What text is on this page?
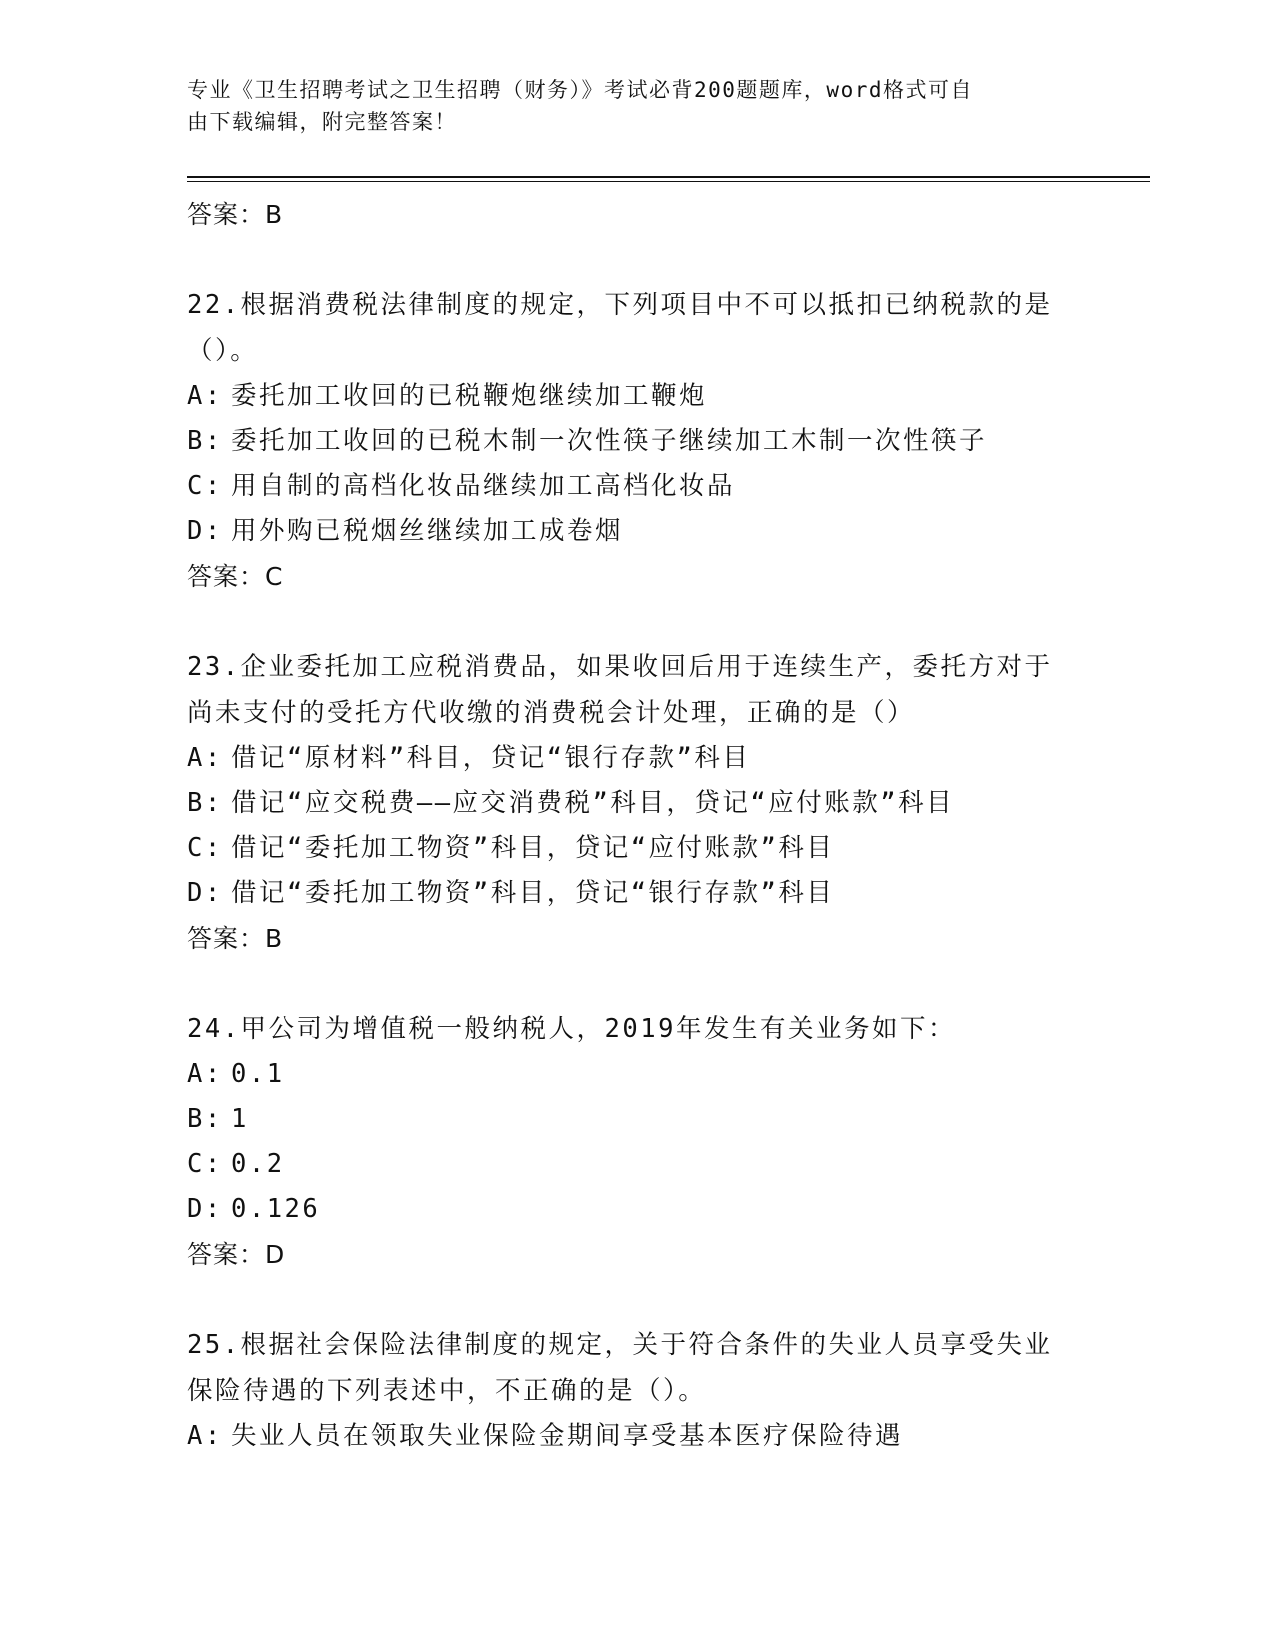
专业《卫生招聘考试之卫生招聘（财务）》考试必背200题题库，word格式可自
由下载编辑，附完整答案！
答案：B
22.根据消费税法律制度的规定，下列项目中不可以抵扣已纳税款的是
（）。
A: 委托加工收回的已税鞭炮继续加工鞭炮
B: 委托加工收回的已税木制一次性筷子继续加工木制一次性筷子
C: 用自制的高档化妆品继续加工高档化妆品
D: 用外购已税烟丝继续加工成卷烟
答案：C
23.企业委托加工应税消费品，如果收回后用于连续生产，委托方对于
尚未支付的受托方代收缴的消费税会计处理，正确的是（）
A: 借记“原材料”科目，贷记“银行存款”科目
B: 借记“应交税费——应交消费税”科目，贷记“应付账款”科目
C: 借记“委托加工物资”科目，贷记“应付账款”科目
D: 借记“委托加工物资”科目，贷记“银行存款”科目
答案：B
24.甲公司为增值税一般纳税人，2019年发生有关业务如下：
A: 0.1
B: 1
C: 0.2
D: 0.126
答案：D
25.根据社会保险法律制度的规定，关于符合条件的失业人员享受失业
保险待遇的下列表述中，不正确的是（）。
A: 失业人员在领取失业保险金期间享受基本医疗保险待遇
